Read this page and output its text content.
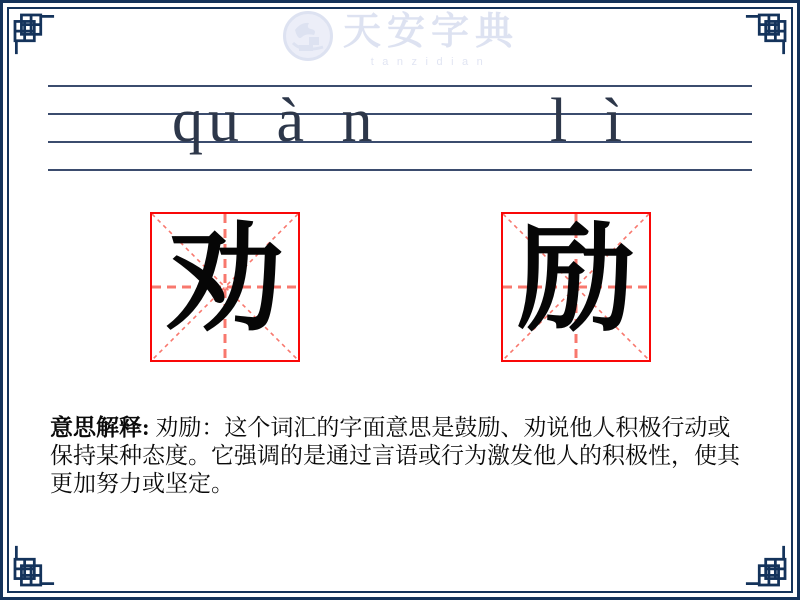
天安字典
tanzidian
qu à n	l ì
劝 励

意思解释: 劝励：这个词汇的字面意思是鼓励、劝说他人积极行动或保持某种态度。它强调的是通过言语或行为激发他人的积极性，使其更加努力或坚定。
